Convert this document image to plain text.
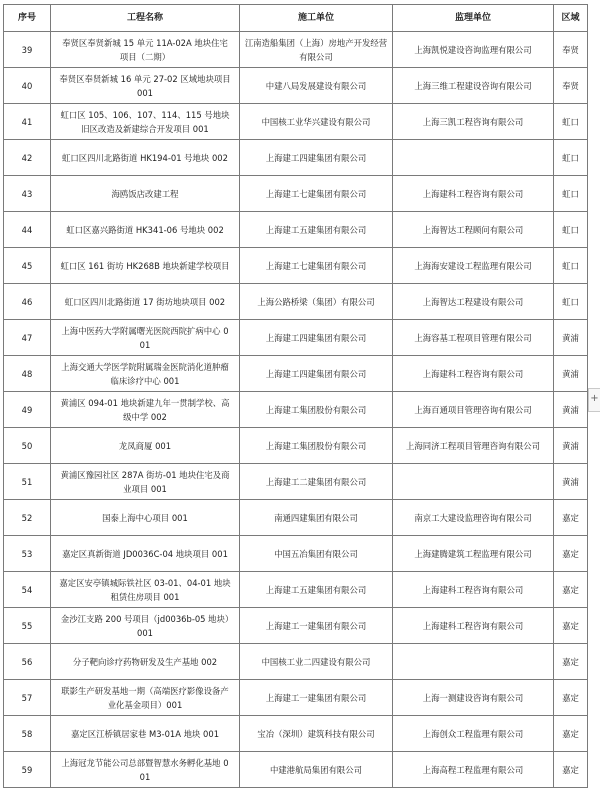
序号	工程名称	施工单位	监理单位	区域
39	奉贤区奉贤新城 15 单元 11A-02A 地块住宅项目（二期）	江南造船集团（上海）房地产开发经营有限公司	上海凯悦建设咨询监理有限公司	奉贤
40	奉贤区奉贤新城 16 单元 27-02 区域地块项目 001	中建八局发展建设有限公司	上海三维工程建设咨询有限公司	奉贤
41	虹口区 105、106、107、114、115 号地块旧区改造及新建综合开发项目 001	中国核工业华兴建设有限公司	上海三凯工程咨询有限公司	虹口
42	虹口区四川北路街道 HK194-01 号地块 002	上海建工四建集团有限公司		虹口
43	海鸥饭店改建工程	上海建工七建集团有限公司	上海建科工程咨询有限公司	虹口
44	虹口区嘉兴路街道 HK341-06 号地块 002	上海建工五建集团有限公司	上海智达工程顾问有限公司	虹口
45	虹口区 161 街坊 HK268B 地块新建学校项目	上海建工七建集团有限公司	上海海安建设工程监理有限公司	虹口
46	虹口区四川北路街道 17 街坊地块项目 002	上海公路桥梁（集团）有限公司	上海智达工程建设有限公司	虹口
47	上海中医药大学附属曙光医院西院扩病中心 001	上海建工四建集团有限公司	上海容基工程项目管理有限公司	黄浦
48	上海交通大学医学院附属瑞金医院消化道肿瘤临床诊疗中心 001	上海建工四建集团有限公司	上海建科工程咨询有限公司	黄浦
49	黄浦区 094-01 地块新建九年一贯制学校、高级中学 002	上海建工集团股份有限公司	上海百通项目管理咨询有限公司	黄浦
50	龙凤商厦 001	上海建工集团股份有限公司	上海同济工程项目管理咨询有限公司	黄浦
51	黄浦区豫园社区 287A 街坊-01 地块住宅及商业项目 001	上海建工二建集团有限公司		黄浦
52	国泰上海中心项目 001	南通四建集团有限公司	南京工大建设监理咨询有限公司	嘉定
53	嘉定区真新街道 JD0036C-04 地块项目 001	中国五冶集团有限公司	上海建腾建筑工程监理有限公司	嘉定
54	嘉定区安亭镇城际铁社区 03-01、04-01 地块租赁住房项目 001	上海建工五建集团有限公司	上海建科工程咨询有限公司	嘉定
55	金沙江支路 200 号项目（jd0036b-05 地块）001	上海建工一建集团有限公司	上海建科工程咨询有限公司	嘉定
56	分子靶向诊疗药物研发及生产基地 002	中国核工业二四建设有限公司		嘉定
57	联影生产研发基地一期（高端医疗影像设备产业化基金项目）001	上海建工一建集团有限公司	上海一测建设咨询有限公司	嘉定
58	嘉定区江桥镇居家巷 M3-01A 地块 001	宝冶（深圳）建筑科技有限公司	上海创众工程监理有限公司	嘉定
59	上海冠龙节能公司总部暨智慧水务孵化基地 001	中建港航局集团有限公司	上海高程工程监理有限公司	嘉定
+
